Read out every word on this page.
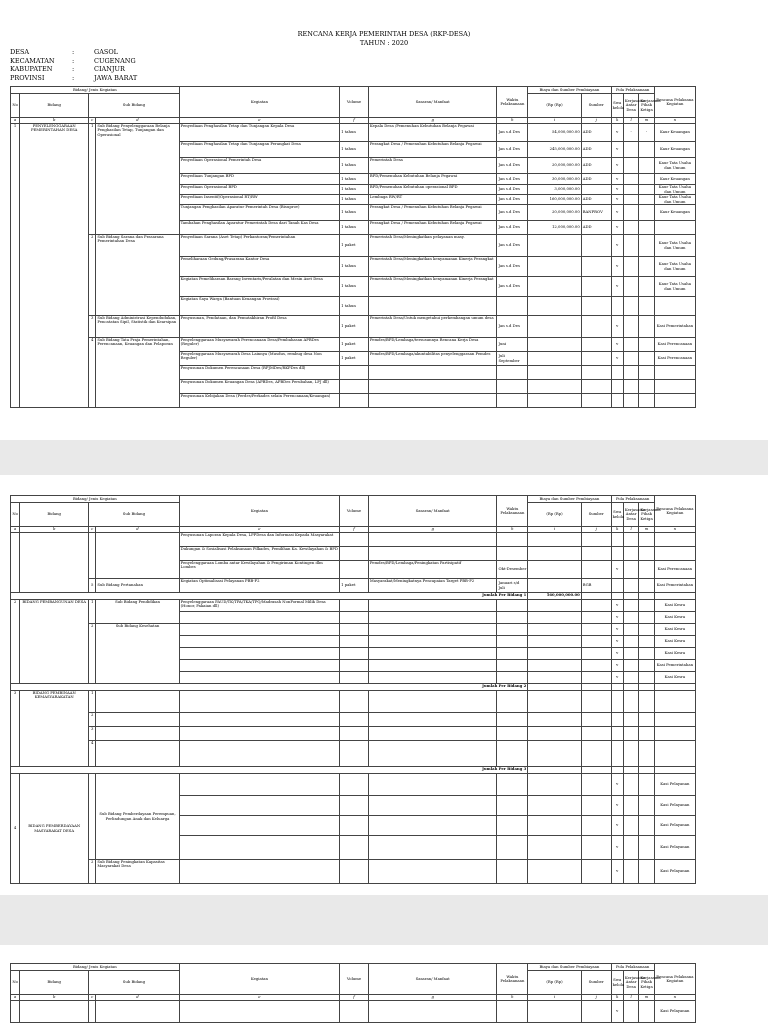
RENCANA KERJA PEMERINTAH DESA (RKP-DESA)
TAHUN : 2020
DESA	:	GASOL
KECAMATAN	:	CUGENANG
KABUPATEN	:	CIANJUR
PROVINSI	:	JAWA BARAT
Bidang/ Jenis Kegiatan				Kegiatan	Volume	Sasaran/ Manfaat	Waktu Pelaksanaan	Biaya dan Sumber Pembiayaan		Pola Pelaksanaan			Rencana Pelaksana Kegiatan
No	Bidang	Sub Bidang						(Rp (Rp)	Sumber	Swa kelola	Kerjasama Antar Desa	Kerjasama Pihak Ketiga	
a	b	c	d	e	f	g	h	i	j	k	l	m	n
1	PENYELENGGARAAN PEMERINTAHAN DESA	1	Sub Bidang Penyelenggaraan Belanja Penghasilan Tetap, Tunjangan dan Operasional	Penyediaan Penghasilan Tetap dan Tunjangan Kepala Desa	1 tahun	Kepala Desa /Pemenuhan Kebutuhan Belanja Pegawai	Jan s.d Des	54,000,000.00	ADD	v	-	-	Kaur Keuangan
				Penyediaan Penghasilan Tetap dan Tunjangan Perangkat Desa	1 tahun	Perangkat Desa / Pemenuhan Kebutuhan Belanja Pegawai	Jan s.d Des	245,000,000.00	ADD	v			Kaur Keuangan
				Penyediaan Operasional Pemerintah Desa	1 tahun	Pemerintah Desa	Jan s.d Des	20,000,000.00	ADD	v			Kaur Tata Usaha dan Umum
				Penyediaan Tunjangan BPD	1 tahun	BPD/Pemenuhan Kebutuhan Belanja Pegawai	Jan s.d Des	30,000,000.00	ADD	v			Kaur Keuangan
				Penyediaan Operasional BPD	1 tahun	BPD/Pemenuhan Kebutuhan operasional BPD	Jan s.d Des	3,000,000.00		v			Kaur Tata Usaha dan Umum
				Penyediaan Insentif/Operasional RT/RW	1 tahun	Lembaga RW/RT	Jan s.d Des	160,000,000.00	ADD	v			Kaur Tata Usaha dan Umum
				Tunjangan Penghasilan Aparatur Pemerintah Desa (Bisuprov)	1 tahun	Perangkat Desa / Pemenuhan Kebutuhan Belanja Pegawai	Jan s.d Des	20,000,000.00	BANPROV	v			Kaur Keuangan
				Tambahan Penghasilan Aparatur Pemerintah Desa dari Tanah Kas Desa	1 tahun	Perangkat Desa / Pemenuhan Kebutuhan Belanja Pegawai	Jan s.d Des	12,000,000.00	ADD	v			
		2	Sub Bidang Sarana dan Prasarana Pemerintahan Desa	Penyediaan Sarana (Aset Tetap) Perkantoran/Pemerintahan	1 paket	Pemerintah Desa/Meningkatkan pelayanan masy.	Jan s.d Des			v			Kaur Tata Usaha dan Umum
				Pemeliharaan Gedung/Prasarana Kantor Desa	1 tahun	Pemerintah Desa/Meningkatkan kenyamanan Kinerja Perangkat	Jan s.d Des			v			Kaur Tata Usaha dan Umum
				Kegiatan Pemeliharaan Barang Inventaris/Peralatan dan Mesin Aset Desa	1 tahun	Pemerintah Desa/Meningkatkan kenyamanan Kinerja Perangkat	Jan s.d Des			v			Kaur Tata Usaha dan Umum
				Kegiatan Saya Warga (Bantuan Keuangan Provinsi)	1 tahun								
		3	Sub Bidang Administrasi Kependudukan, Pencatatan Sipil, Statistik dan Kearsipan	Penyusunan, Pendataan, dan Pemutakhiran Profil Desa	1 paket	Pemerintah Desa/Untuk mengetahui perkembangan umum desa	Jan s.d Des			v			Kasi Pemerintahan
		4	Sub Bidang Tata Praja Pemerintahan, Perencanaan, Keuangan dan Pelaporan	Penyelenggaraan Musyawarah Perencanaan Desa/Pembahasan APBDes (Reguler)	1 paket	Pemdes/BPD/Lembaga/tersusunnya Rencana Kerja Desa	Juni			v			Kasi Perencanaan
				Penyelenggaraan Musyawarah Desa Lainnya (Musdus, rembug desa Non Reguler)	1 paket	Pemdes/BPD/Lembaga/akuntabilitas penyelenggaraan Pemdes	Juli September			v			Kasi Perencanaan
				Penyusunan Dokumen Perencanaan Desa (RPJMDes/RKPDes dll)									
				Penyusunan Dokumen Keuangan Desa (APBDes, APBDes Perubahan, LPJ dll)									
				Penyusunan Kebijakan Desa (Perdes/Perkades selain Perencanaan/Keuangan)									
Bidang/ Jenis Kegiatan				Kegiatan	Volume	Sasaran/ Manfaat	Waktu Pelaksanaan	Biaya dan Sumber Pembiayaan		Pola Pelaksanaan			Rencana Pelaksana Kegiatan
No	Bidang	Sub Bidang						(Rp (Rp)	Sumber	Swa kelola	Kerjasama Antar Desa	Kerjasama Pihak Ketiga	
a	b	c	d	e	f	g	h	i	j	k	l	m	n
				Penyusunan Laporan Kepala Desa, LPPDesa dan Informasi Kepada Masyarakat									
				Dukungan & Sosialisasi Pelaksanaan Pilkades, Pemilihan Ka. Kewilayahan & BPD									
				Penyelenggaraan Lomba antar Kewilayahan & Pengiriman Kontingen dlm Lombes		Pemdes/BPD/Lembaga/Peningkatan Partisipatif	Okt-Desember			v			Kasi Perencanaan
		5	Sub Bidang Pertanahan	Kegiatan Optimalisasi Pelayanan PBB-P2	1 paket	Masyarakat/Meningkatnya Pencapaian Target PBB-P2	Januari s/d Juli		BGB				Kasi Pemerintahan
Jumlah Per Bidang 1								560,000,000.00					
2	BIDANG PEMBANGUNAN DESA	1	Sub Bidang Pendidikan	Penyelenggaraan PAUD/TK/TPA/TKA/TPQ/Madrasah NonFormal Milik Desa (Honor, Pakaian dll)						v			Kasi Kesra
										v			Kasi Kesra
		2	Sub Bidang Kesehatan							v			Kasi Kesra
										v			Kasi Kesra
										v			Kasi Kesra
										v			Kasi Pemerintahan
										v			Kasi Kesra
Jumlah Per Bidang 2													
3	BIDANG PEMBINAAN KEMASYARAKATAN	1											
		2											
		3											
		4											
Jumlah Per Bidang 3													
4	BIDANG PEMBERDAYAAN MASYARAKAT DESA		Sub Bidang Pemberdayaan Perempuan, Perlindungan Anak dan Keluarga							v			Kasi Pelayanan
										v			Kasi Pelayanan
										v			Kasi Pelayanan
										v			Kasi Pelayanan
		2	Sub Bidang Peningkatan Kapasitas Masyarakat Desa							v			Kasi Pelayanan
Bidang/ Jenis Kegiatan				Kegiatan	Volume	Sasaran/ Manfaat	Waktu Pelaksanaan	Biaya dan Sumber Pembiayaan		Pola Pelaksanaan			Rencana Pelaksana Kegiatan
No	Bidang	Sub Bidang						(Rp (Rp)	Sumber	Swa kelola	Kerjasama Antar Desa	Kerjasama Pihak Ketiga	
a	b	c	d	e	f	g	h	i	j	k	l	m	n
										v			Kasi Pelayanan
